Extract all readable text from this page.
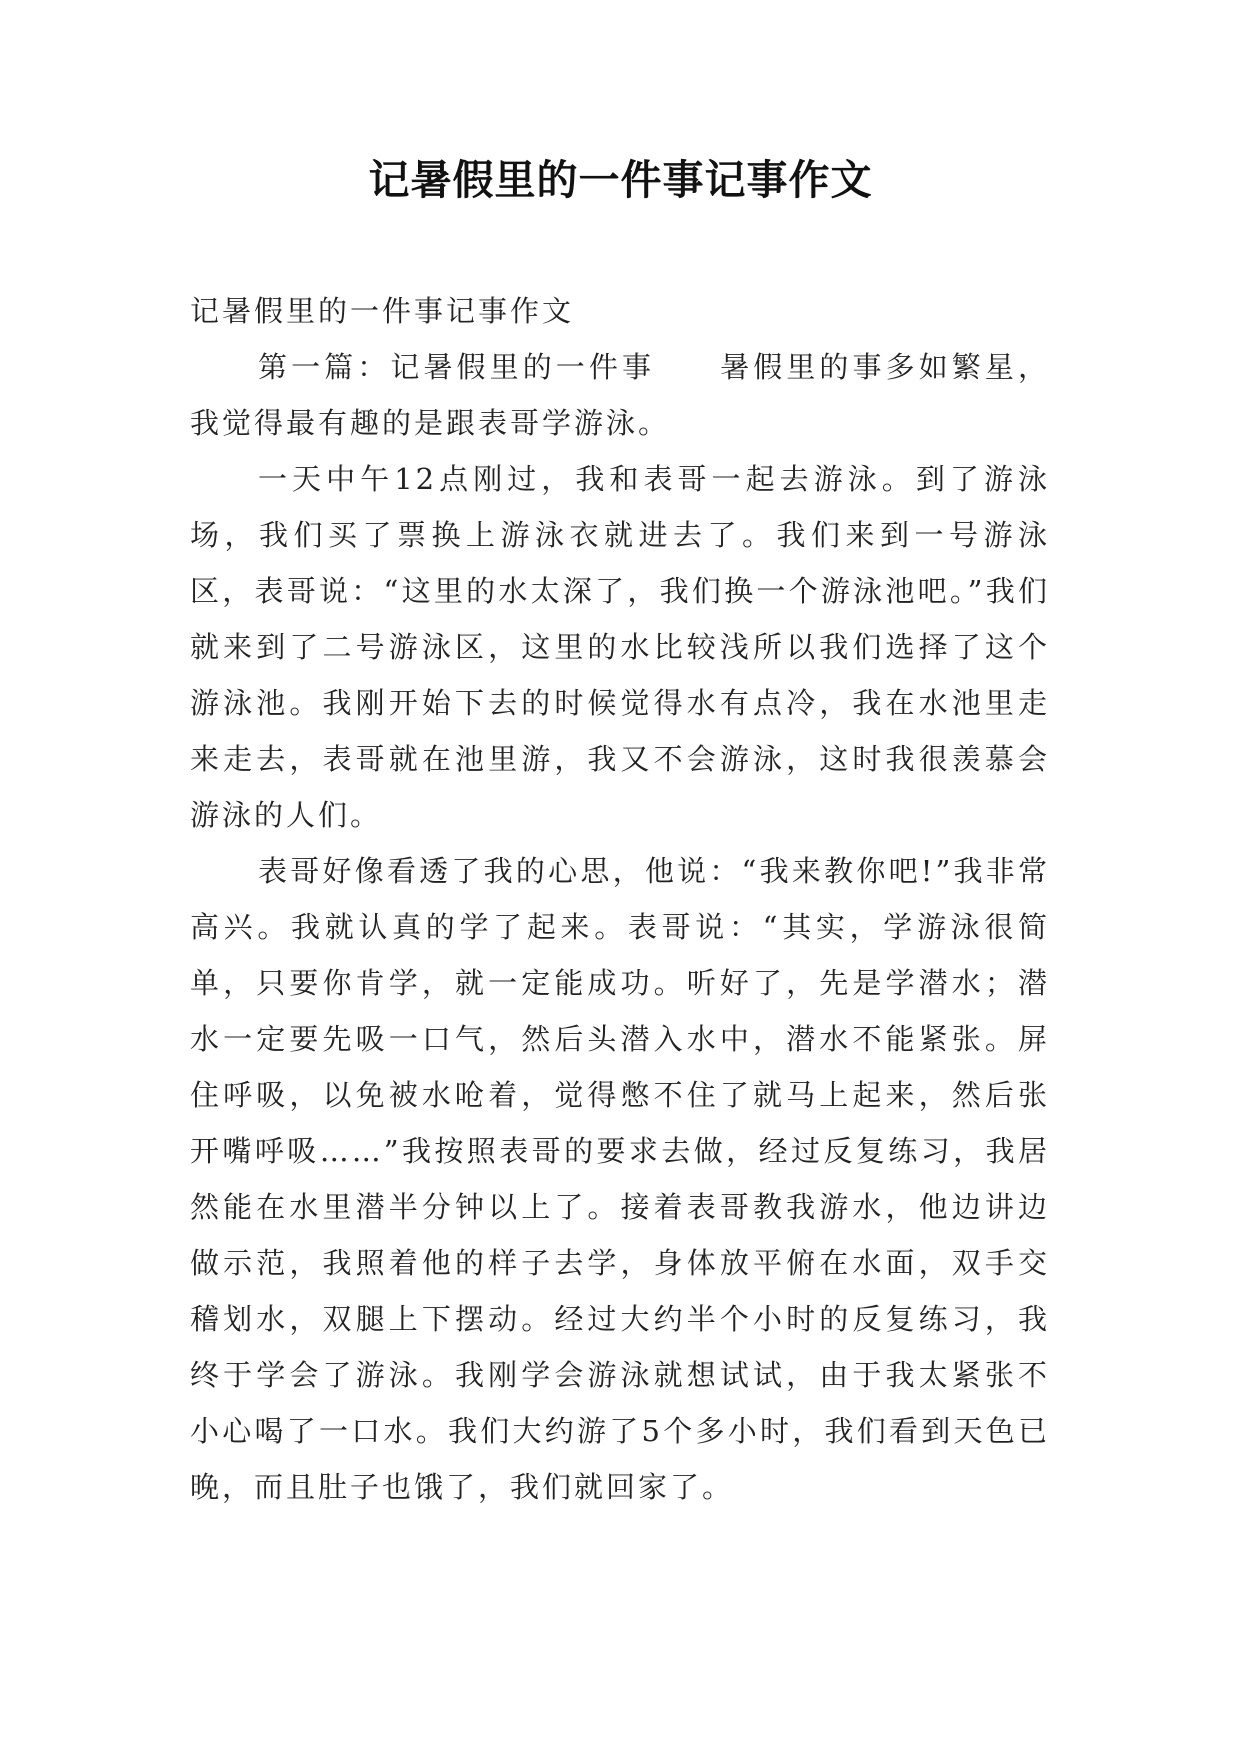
记暑假里的一件事记事作文

记暑假里的一件事记事作文

第一篇：记暑假里的一件事 暑假里的事多如繁星，我觉得最有趣的是跟表哥学游泳。

一天中午12点刚过，我和表哥一起去游泳。到了游泳场，我们买了票换上游泳衣就进去了。我们来到一号游泳区，表哥说：“这里的水太深了，我们换一个游泳池吧。”我们就来到了二号游泳区，这里的水比较浅所以我们选择了这个游泳池。我刚开始下去的时候觉得水有点冷，我在水池里走来走去，表哥就在池里游，我又不会游泳，这时我很羡慕会游泳的人们。

表哥好像看透了我的心思，他说：“我来教你吧!”我非常高兴。我就认真的学了起来。表哥说：“其实，学游泳很简单，只要你肯学，就一定能成功。听好了，先是学潜水；潜水一定要先吸一口气，然后头潜入水中，潜水不能紧张。屏住呼吸，以免被水呛着，觉得憋不住了就马上起来，然后张开嘴呼吸……”我按照表哥的要求去做，经过反复练习，我居然能在水里潜半分钟以上了。接着表哥教我游水，他边讲边做示范，我照着他的样子去学，身体放平俯在水面，双手交稽划水，双腿上下摆动。经过大约半个小时的反复练习，我终于学会了游泳。我刚学会游泳就想试试，由于我太紧张不小心喝了一口水。我们大约游了5个多小时，我们看到天色已晚，而且肚子也饿了，我们就回家了。
